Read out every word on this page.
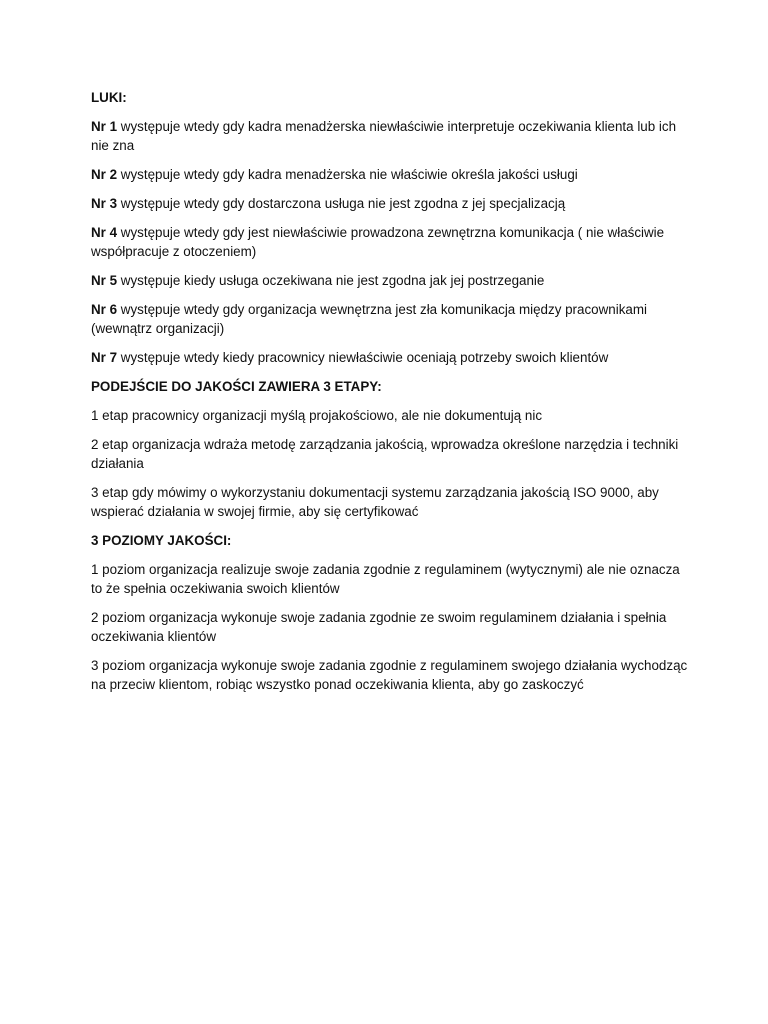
LUKI:
Nr 1 występuje wtedy gdy kadra menadżerska niewłaściwie interpretuje oczekiwania klienta lub ich nie zna
Nr 2 występuje wtedy gdy kadra menadżerska nie właściwie określa jakości usługi
Nr 3 występuje wtedy gdy dostarczona usługa nie jest zgodna z jej specjalizacją
Nr 4 występuje wtedy gdy jest niewłaściwie prowadzona zewnętrzna komunikacja ( nie właściwie współpracuje z otoczeniem)
Nr 5 występuje kiedy usługa oczekiwana nie jest zgodna jak jej postrzeganie
Nr 6 występuje wtedy gdy organizacja wewnętrzna jest zła komunikacja między pracownikami (wewnątrz organizacji)
Nr 7 występuje wtedy kiedy pracownicy niewłaściwie oceniają potrzeby swoich klientów
PODEJŚCIE DO JAKOŚCI ZAWIERA 3 ETAPY:
1 etap pracownicy organizacji myślą projakościowo, ale nie dokumentują nic
2 etap organizacja wdraża metodę zarządzania jakością, wprowadza określone narzędzia i techniki działania
3 etap gdy mówimy o wykorzystaniu dokumentacji systemu zarządzania jakością ISO 9000, aby wspierać działania w swojej firmie, aby się certyfikować
3 POZIOMY JAKOŚCI:
1 poziom organizacja realizuje swoje zadania zgodnie z regulaminem (wytycznymi) ale nie oznacza to że spełnia oczekiwania swoich klientów
2 poziom organizacja wykonuje swoje zadania zgodnie ze swoim regulaminem działania i spełnia oczekiwania klientów
3 poziom organizacja wykonuje swoje zadania zgodnie z regulaminem swojego działania wychodząc na przeciw klientom, robiąc wszystko ponad oczekiwania klienta, aby go zaskoczyć
